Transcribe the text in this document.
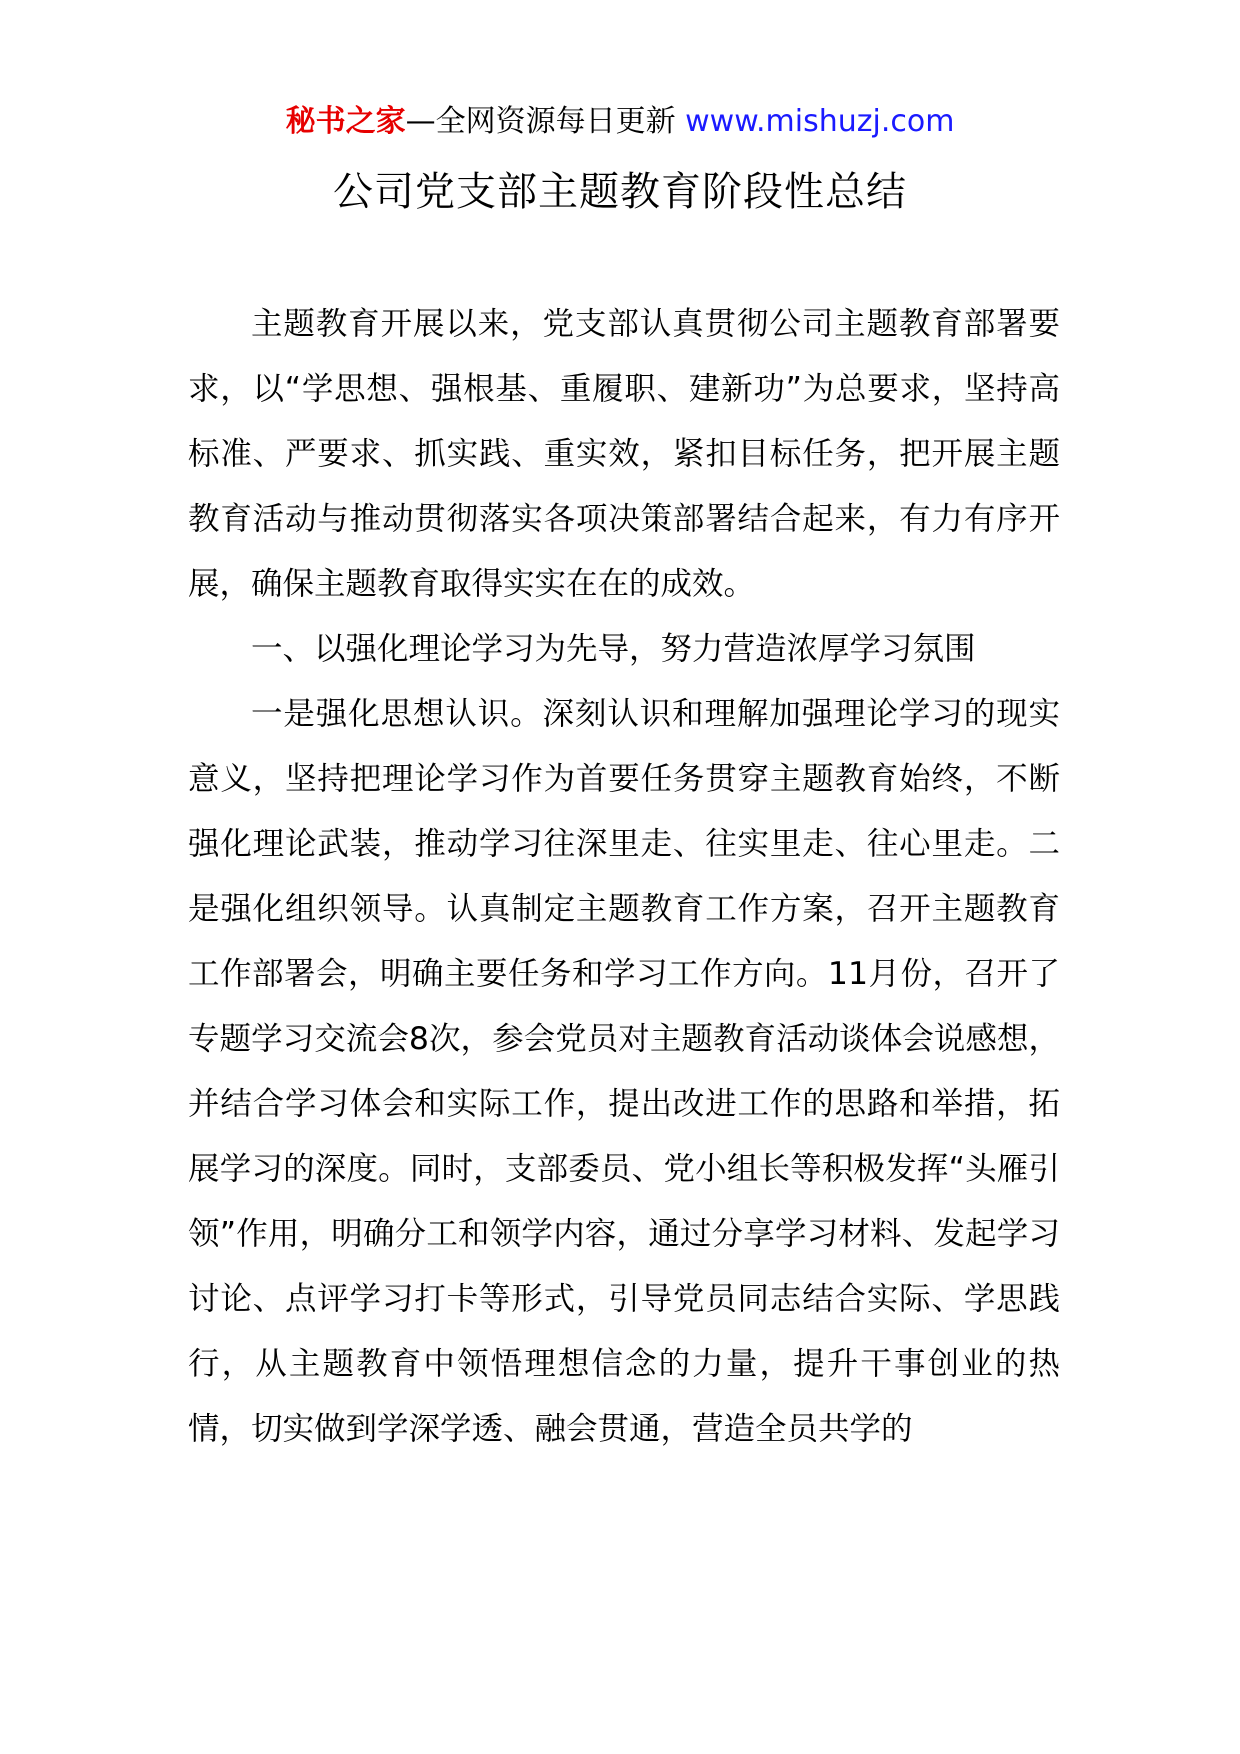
秘书之家—全网资源每日更新 www.mishuzj.com
公司党支部主题教育阶段性总结

主题教育开展以来，党支部认真贯彻公司主题教育部署要求，以“学思想、强根基、重履职、建新功”为总要求，坚持高标准、严要求、抓实践、重实效，紧扣目标任务，把开展主题教育活动与推动贯彻落实各项决策部署结合起来，有力有序开展，确保主题教育取得实实在在的成效。

一、以强化理论学习为先导，努力营造浓厚学习氛围

一是强化思想认识。深刻认识和理解加强理论学习的现实意义，坚持把理论学习作为首要任务贯穿主题教育始终，不断强化理论武装，推动学习往深里走、往实里走、往心里走。二是强化组织领导。认真制定主题教育工作方案，召开主题教育工作部署会，明确主要任务和学习工作方向。11月份，召开了专题学习交流会8次，参会党员对主题教育活动谈体会说感想，并结合学习体会和实际工作，提出改进工作的思路和举措，拓展学习的深度。同时，支部委员、党小组长等积极发挥“头雁引领”作用，明确分工和领学内容，通过分享学习材料、发起学习讨论、点评学习打卡等形式，引导党员同志结合实际、学思践行，从主题教育中领悟理想信念的力量，提升干事创业的热情，切实做到学深学透、融会贯通，营造全员共学的
